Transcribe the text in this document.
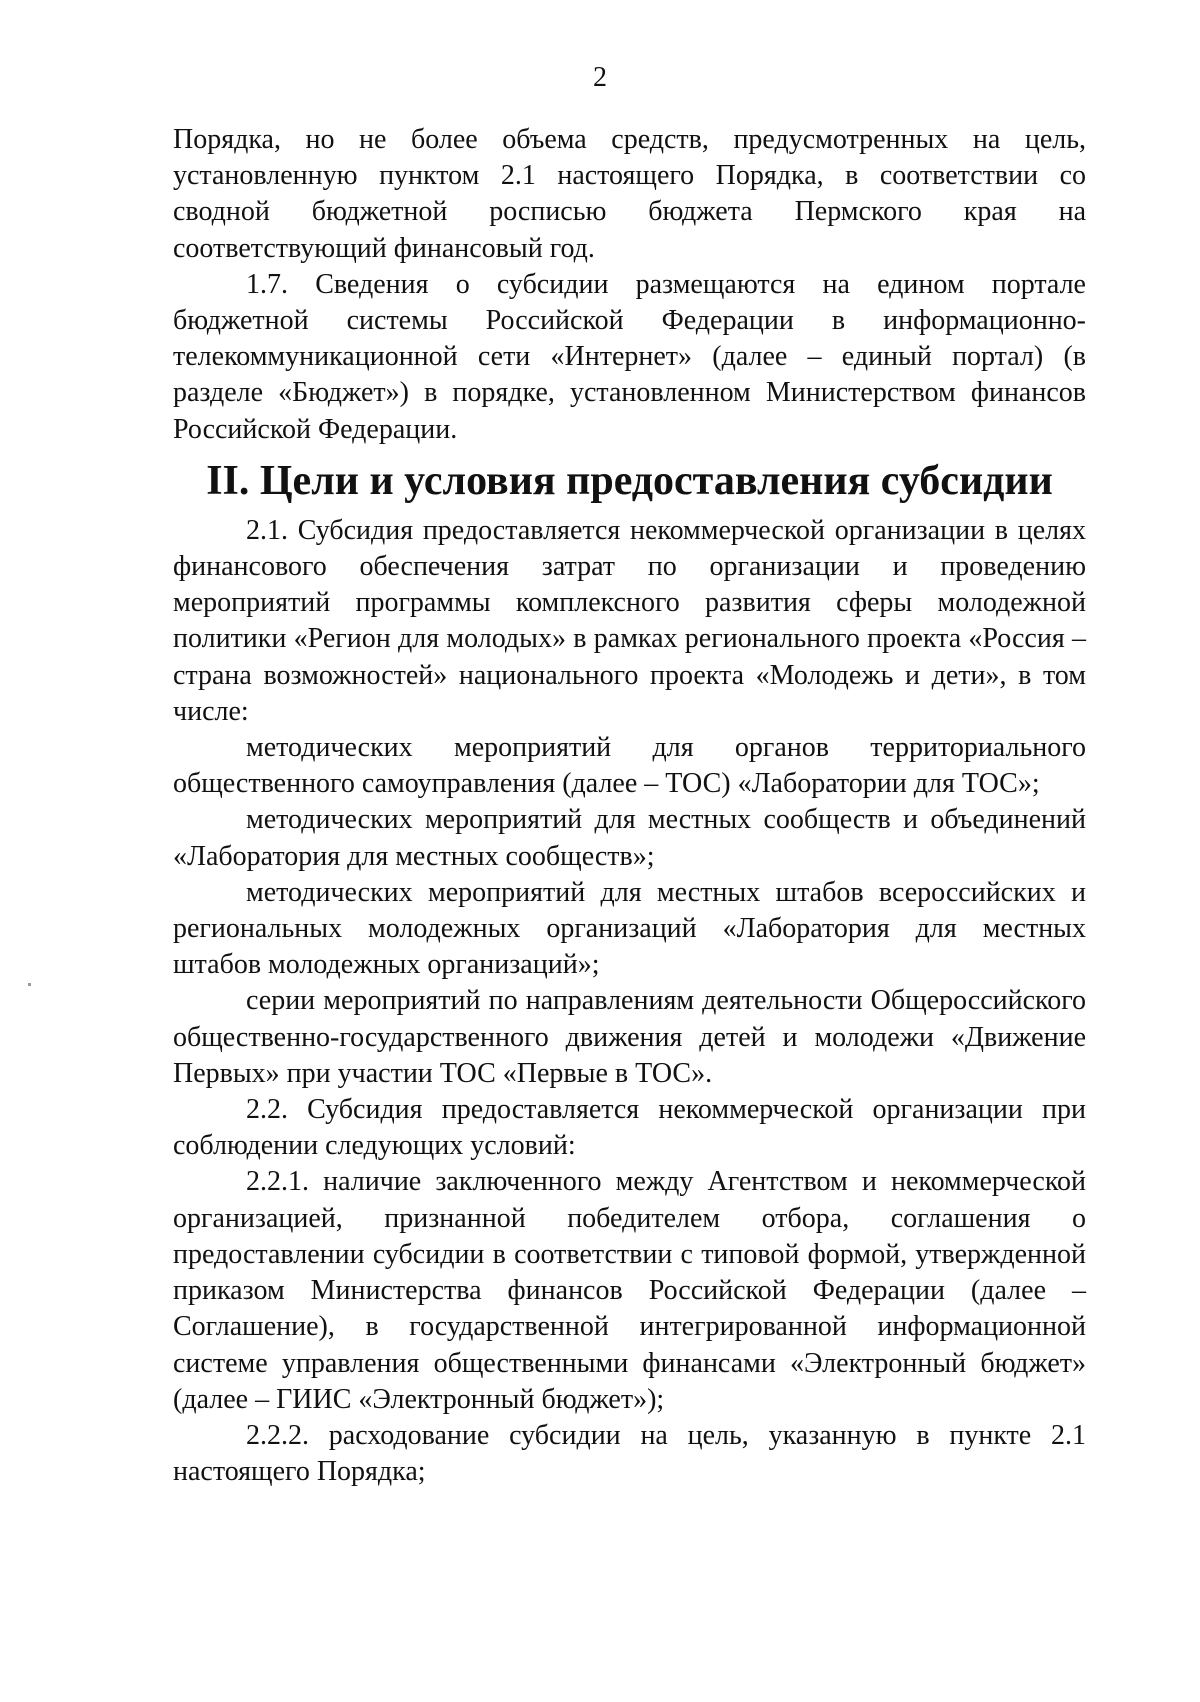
2

Порядка, но не более объема средств, предусмотренных на цель, установленную пунктом 2.1 настоящего Порядка, в соответствии со сводной бюджетной росписью бюджета Пермского края на соответствующий финансовый год.

1.7. Сведения о субсидии размещаются на едином портале бюджетной системы Российской Федерации в информационно-телекоммуникационной сети «Интернет» (далее – единый портал) (в разделе «Бюджет») в порядке, установленном Министерством финансов Российской Федерации.

II. Цели и условия предоставления субсидии

2.1. Субсидия предоставляется некоммерческой организации в целях финансового обеспечения затрат по организации и проведению мероприятий программы комплексного развития сферы молодежной политики «Регион для молодых» в рамках регионального проекта «Россия – страна возможностей» национального проекта «Молодежь и дети», в том числе:

методических мероприятий для органов территориального общественного самоуправления (далее – ТОС) «Лаборатории для ТОС»;

методических мероприятий для местных сообществ и объединений «Лаборатория для местных сообществ»;

методических мероприятий для местных штабов всероссийских и региональных молодежных организаций «Лаборатория для местных штабов молодежных организаций»;

серии мероприятий по направлениям деятельности Общероссийского общественно-государственного движения детей и молодежи «Движение Первых» при участии ТОС «Первые в ТОС».

2.2. Субсидия предоставляется некоммерческой организации при соблюдении следующих условий:

2.2.1. наличие заключенного между Агентством и некоммерческой организацией, признанной победителем отбора, соглашения о предоставлении субсидии в соответствии с типовой формой, утвержденной приказом Министерства финансов Российской Федерации (далее – Соглашение), в государственной интегрированной информационной системе управления общественными финансами «Электронный бюджет» (далее – ГИИС «Электронный бюджет»);

2.2.2. расходование субсидии на цель, указанную в пункте 2.1 настоящего Порядка;
